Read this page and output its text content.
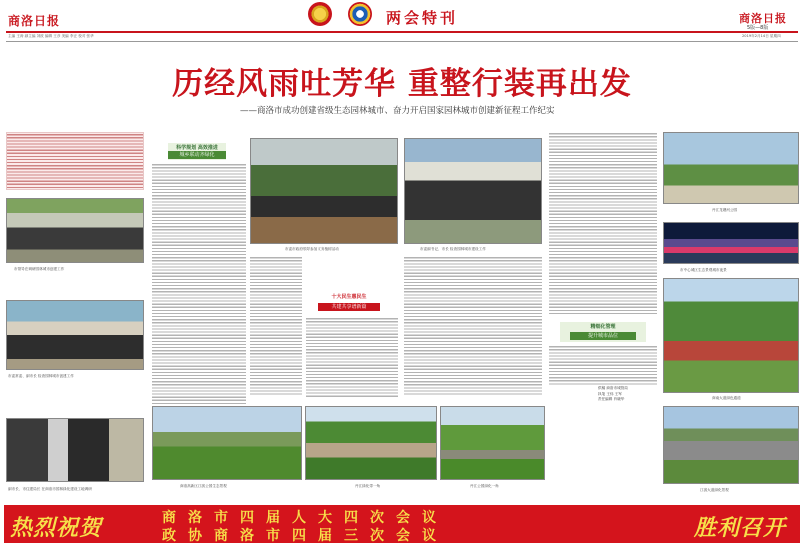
商洛日报	两会特刊	商洛日报
5版—8版
主编 王涛 副主编 刘波 编辑 王彦 美编 李正 校对 张华	2019年2月14日 星期四
历经风雨吐芳华 重整行装再出发
——商洛市成功创建省级生态园林城市、奋力开启国家园林城市创建新征程工作纪实
市领导在调研园林城市创建工作
市委常委、副市长 检查园林城市创建工作
副市长、市住建局长 在商洛市园林绿化建设工地调研
科学规划 高效推进
城乡联动齐绿化
市委市政府领导参加义务植树活动
十大民生惠民生
共建共享谱新篇
市委副书记、市长 检查园林城市建设工作
精细化管理
提升城市品位
供稿 商洛市城管局
执笔 王伟 王军
责任编辑 肖晓华
丹江龙塘河公园
市中心城区生态景观城市夜景
商南大道绿色通道
江滨大道绿化景观
商洛高新区江滨公园生态景观	丹江绿化带一角	丹江公园绿化一角
热烈祝贺	商洛市四届人大四次会议
政协商洛市四届三次会议	胜利召开
